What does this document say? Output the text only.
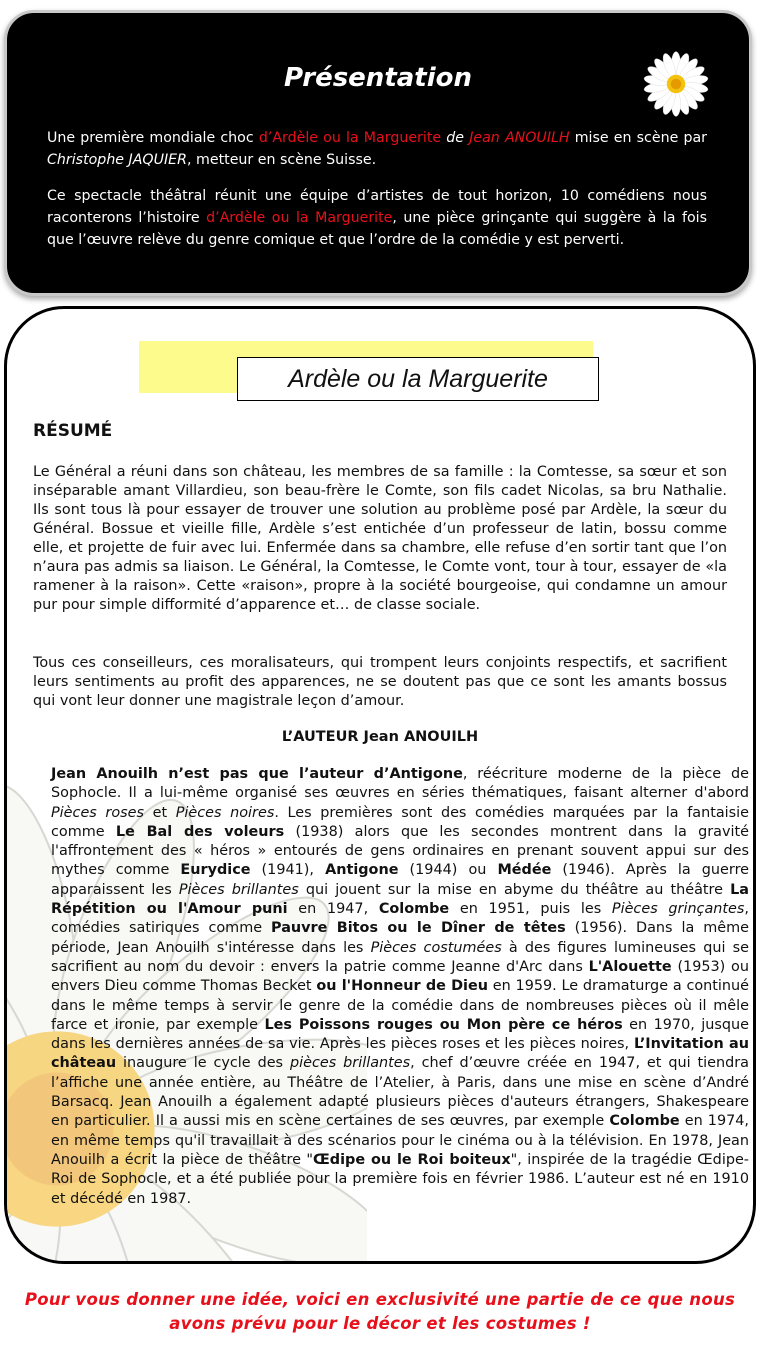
Présentation

Une première mondiale choc d’Ardèle ou la Marguerite de Jean ANOUILH mise en scène par Christophe JAQUIER, metteur en scène Suisse.

Ce spectacle théâtral réunit une équipe d’artistes de tout horizon, 10 comédiens nous raconterons l’histoire d’Ardèle ou la Marguerite, une pièce grinçante qui suggère à la fois que l’œuvre relève du genre comique et que l’ordre de la comédie y est perverti.

Ardèle ou la Marguerite
RÉSUMÉ

Le Général a réuni dans son château, les membres de sa famille : la Comtesse, sa sœur et son inséparable amant Villardieu, son beau-frère le Comte, son fils cadet Nicolas, sa bru Nathalie. Ils sont tous là pour essayer de trouver une solution au problème posé par Ardèle, la sœur du Général. Bossue et vieille fille, Ardèle s’est entichée d’un professeur de latin, bossu comme elle, et projette de fuir avec lui. Enfermée dans sa chambre, elle refuse d’en sortir tant que l’on n’aura pas admis sa liaison. Le Général, la Comtesse, le Comte vont, tour à tour, essayer de «la ramener à la raison». Cette «raison», propre à la société bourgeoise, qui condamne un amour pur pour simple difformité d’apparence et… de classe sociale.

Tous ces conseilleurs, ces moralisateurs, qui trompent leurs conjoints respectifs, et sacrifient leurs sentiments au profit des apparences, ne se doutent pas que ce sont les amants bossus qui vont leur donner une magistrale leçon d’amour.

L’AUTEUR Jean ANOUILH

Jean Anouilh n’est pas que l’auteur d’Antigone, réécriture moderne de la pièce de Sophocle. Il a lui-même organisé ses œuvres en séries thématiques, faisant alterner d'abord Pièces roses et Pièces noires. Les premières sont des comédies marquées par la fantaisie comme Le Bal des voleurs (1938) alors que les secondes montrent dans la gravité l'affrontement des « héros » entourés de gens ordinaires en prenant souvent appui sur des mythes comme Eurydice (1941), Antigone (1944) ou Médée (1946). Après la guerre apparaissent les Pièces brillantes qui jouent sur la mise en abyme du théâtre au théâtre La Répétition ou l'Amour puni en 1947, Colombe en 1951, puis les Pièces grinçantes, comédies satiriques comme Pauvre Bitos ou le Dîner de têtes (1956). Dans la même période, Jean Anouilh s'intéresse dans les Pièces costumées à des figures lumineuses qui se sacrifient au nom du devoir : envers la patrie comme Jeanne d'Arc dans L'Alouette (1953) ou envers Dieu comme Thomas Becket ou l'Honneur de Dieu en 1959. Le dramaturge a continué dans le même temps à servir le genre de la comédie dans de nombreuses pièces où il mêle farce et ironie, par exemple Les Poissons rouges ou Mon père ce héros en 1970, jusque dans les dernières années de sa vie. Après les pièces roses et les pièces noires, L’Invitation au château inaugure le cycle des pièces brillantes, chef d’œuvre créée en 1947, et qui tiendra l’affiche une année entière, au Théâtre de l’Atelier, à Paris, dans une mise en scène d’André Barsacq. Jean Anouilh a également adapté plusieurs pièces d'auteurs étrangers, Shakespeare en particulier. Il a aussi mis en scène certaines de ses œuvres, par exemple Colombe en 1974, en même temps qu'il travaillait à des scénarios pour le cinéma ou à la télévision. En 1978, Jean Anouilh a écrit la pièce de théâtre "Œdipe ou le Roi boiteux", inspirée de la tragédie Œdipe-Roi de Sophocle, et a été publiée pour la première fois en février 1986. L’auteur est né en 1910 et décédé en 1987.

Pour vous donner une idée, voici en exclusivité une partie de ce que nous
avons prévu pour le décor et les costumes !
